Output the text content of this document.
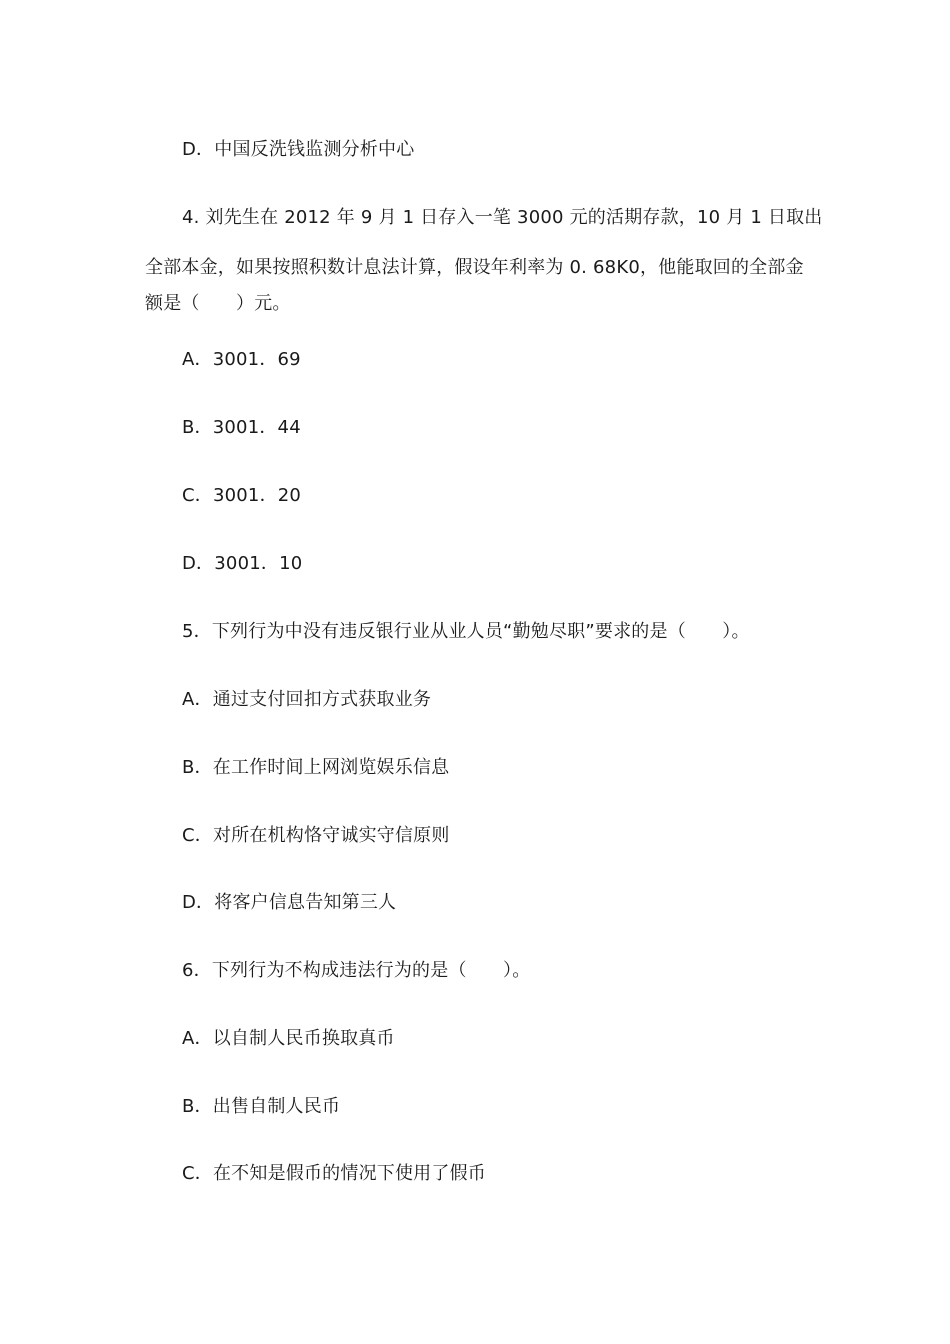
D．中国反洗钱监测分析中心
4. 刘先生在 2012 年 9 月 1 日存入一笔 3000 元的活期存款，10 月 1 日取出
全部本金，如果按照积数计息法计算，假设年利率为 0. 68K0，他能取回的全部金
额是（　　）元。
A．3001．69
B．3001．44
C．3001．20
D．3001．10
5．下列行为中没有违反银行业从业人员“勤勉尽职”要求的是（　　）。
A．通过支付回扣方式获取业务
B．在工作时间上网浏览娱乐信息
C．对所在机构恪守诚实守信原则
D．将客户信息告知第三人
6．下列行为不构成违法行为的是（　　）。
A．以自制人民币换取真币
B．出售自制人民币
C．在不知是假币的情况下使用了假币
